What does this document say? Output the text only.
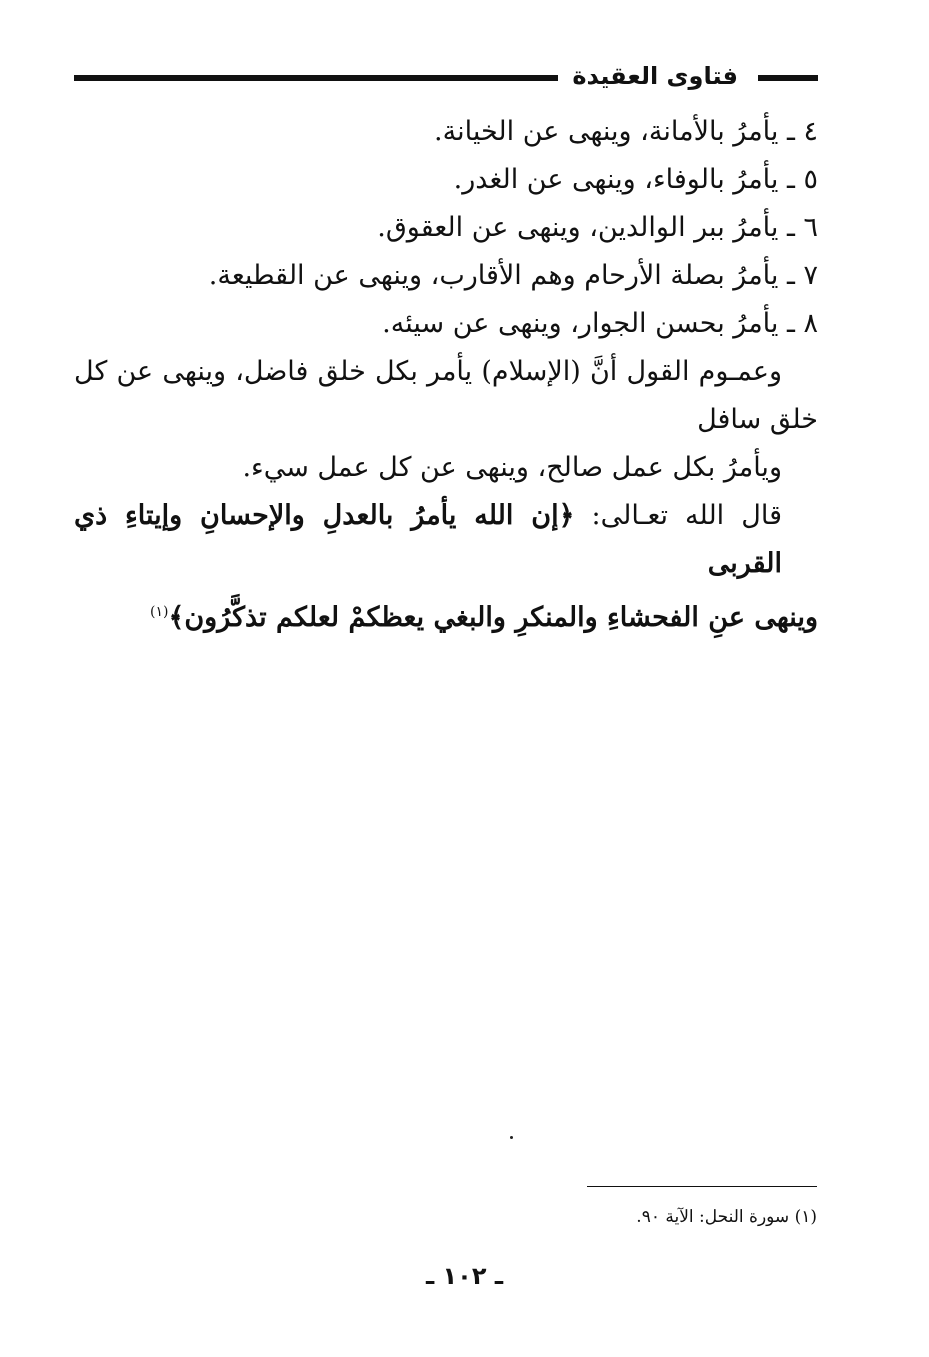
فتاوى العقيدة
٤ ـ يأمرُ بالأمانة، وينهى عن الخيانة.
٥ ـ يأمرُ بالوفاء، وينهى عن الغدر.
٦ ـ يأمرُ ببر الوالدين، وينهى عن العقوق.
٧ ـ يأمرُ بصلة الأرحام وهم الأقارب، وينهى عن القطيعة.
٨ ـ يأمرُ بحسن الجوار، وينهى عن سيئه.
وعمـوم القول أنَّ (الإسلام) يأمر بكل خلق فاضل، وينهى عن كل
خلق سافل
ويأمرُ بكل عمل صالح، وينهى عن كل عمل سيء.
قال الله تعـالى: ﴿إن الله يأمرُ بالعدلِ والإحسانِ وإيتاءِ ذي القربى
وينهى عنِ الفحشاءِ والمنكرِ والبغي يعظكمْ لعلكم تذكَّرُون﴾$^{(١)}$
(١) سورة النحل: الآية ٩٠.
ـ ١٠٢ ـ
